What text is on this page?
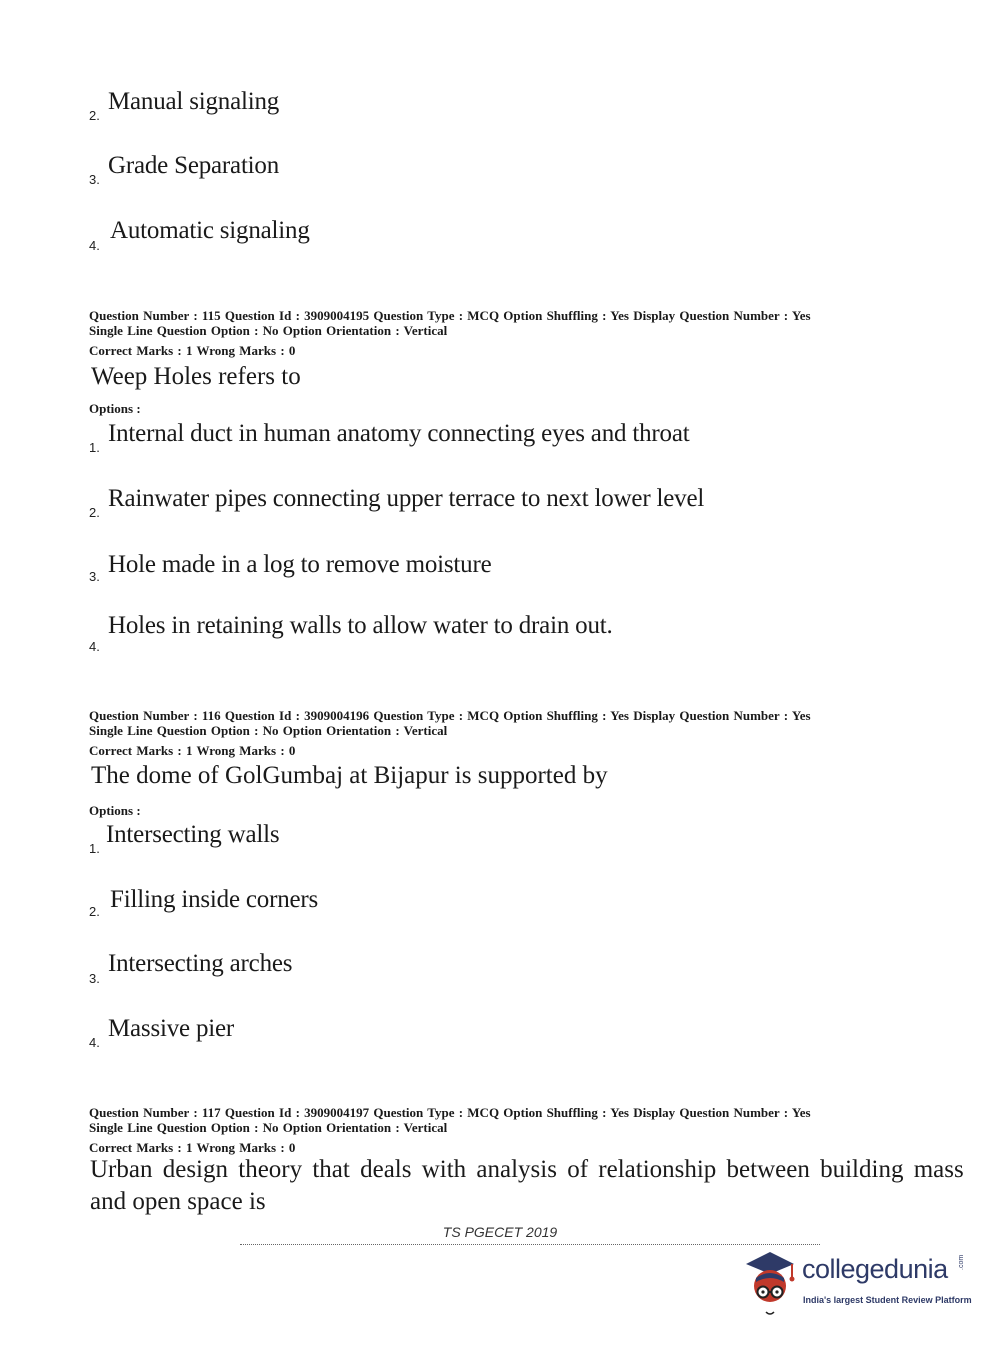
2.
Manual signaling
3.
Grade Separation
4.
Automatic signaling
Question Number : 115 Question Id : 3909004195 Question Type : MCQ Option Shuffling : Yes Display Question Number : Yes
Single Line Question Option : No Option Orientation : Vertical
Correct Marks : 1 Wrong Marks : 0
Weep Holes refers to
Options :
1.
Internal duct in human anatomy connecting eyes and throat
2.
Rainwater pipes connecting upper terrace to next lower level
3. Hole made in a log to remove moisture
4.
Holes in retaining walls to allow water to drain out.
Question Number : 116 Question Id : 3909004196 Question Type : MCQ Option Shuffling : Yes Display Question Number : Yes
Single Line Question Option : No Option Orientation : Vertical
Correct Marks : 1 Wrong Marks : 0
The dome of GolGumbaj at Bijapur is supported by
Options :
1.
Intersecting walls
2. Filling inside corners
3.
Intersecting arches
4.
Massive pier
Question Number : 117 Question Id : 3909004197 Question Type : MCQ Option Shuffling : Yes Display Question Number : Yes
Single Line Question Option : No Option Orientation : Vertical
Correct Marks : 1 Wrong Marks : 0
Urban design theory that deals with analysis of relationship between building mass
and open space is
TS PGECET 2019
collegedunia .com
India's largest Student Review Platform
